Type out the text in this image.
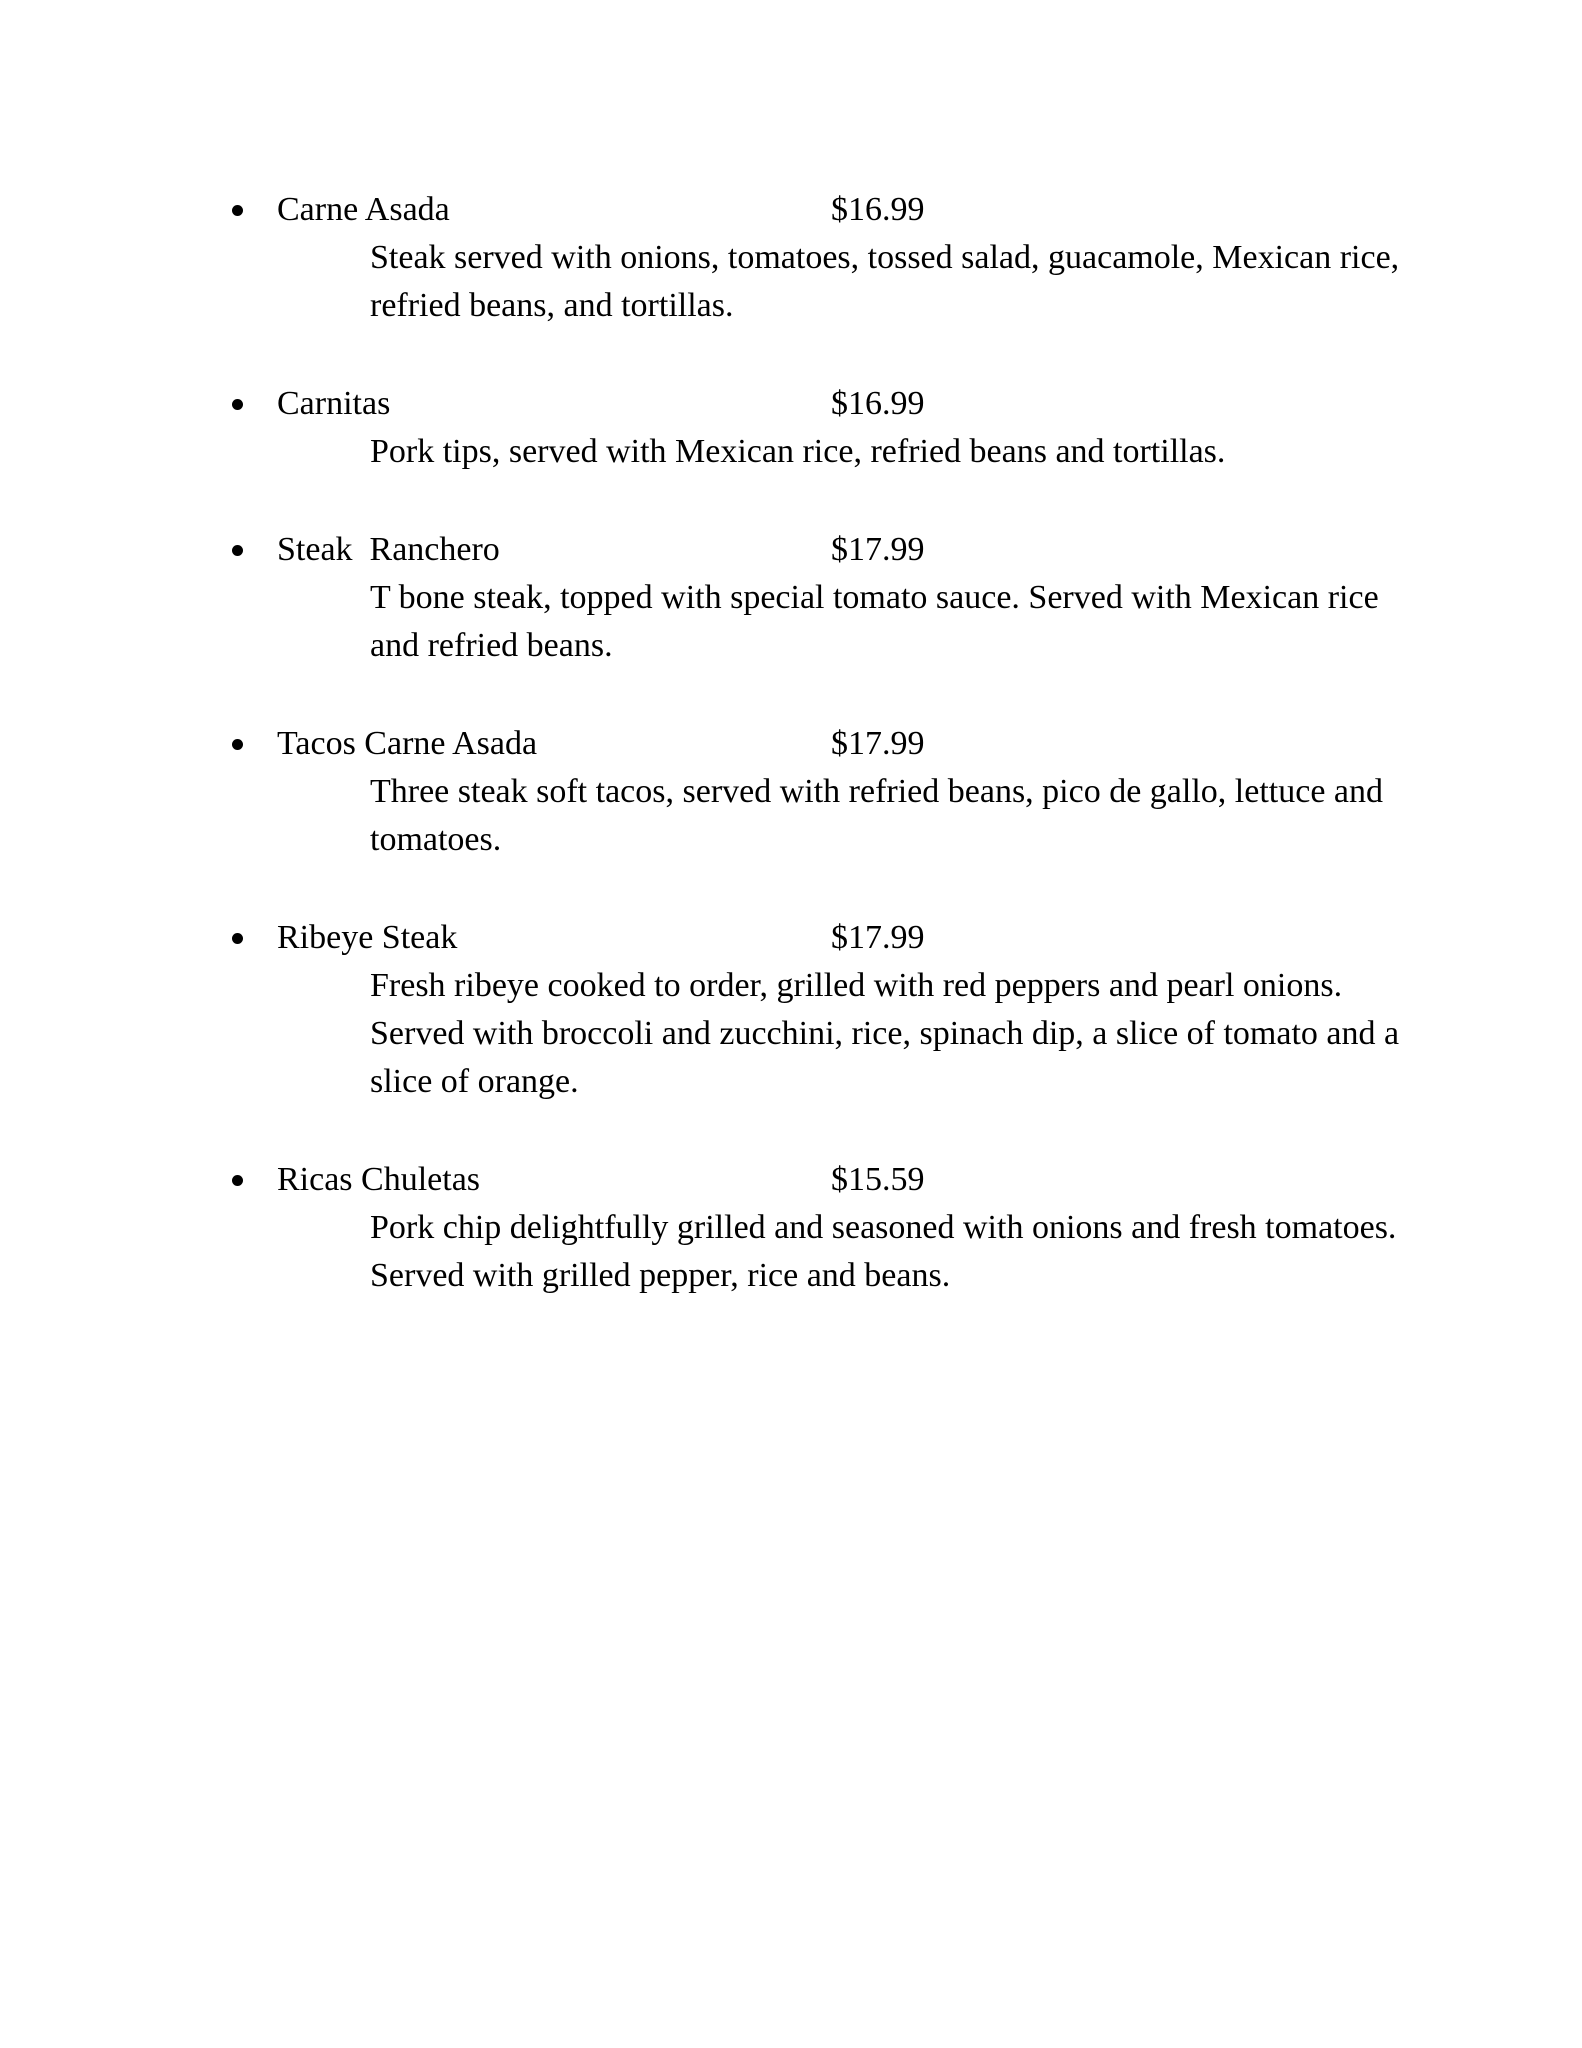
Carne Asada	$16.99

Steak served with onions, tomatoes, tossed salad, guacamole, Mexican rice, refried beans, and tortillas.

Carnitas	$16.99

Pork tips, served with Mexican rice, refried beans and tortillas.

Steak  Ranchero	$17.99

T bone steak, topped with special tomato sauce. Served with Mexican rice and refried beans.

Tacos Carne Asada	$17.99

Three steak soft tacos, served with refried beans, pico de gallo, lettuce and tomatoes.

Ribeye Steak	$17.99

Fresh ribeye cooked to order, grilled with red peppers and pearl onions. Served with broccoli and zucchini, rice, spinach dip, a slice of tomato and a slice of orange.

Ricas Chuletas	$15.59

Pork chip delightfully grilled and seasoned with onions and fresh tomatoes. Served with grilled pepper, rice and beans.
